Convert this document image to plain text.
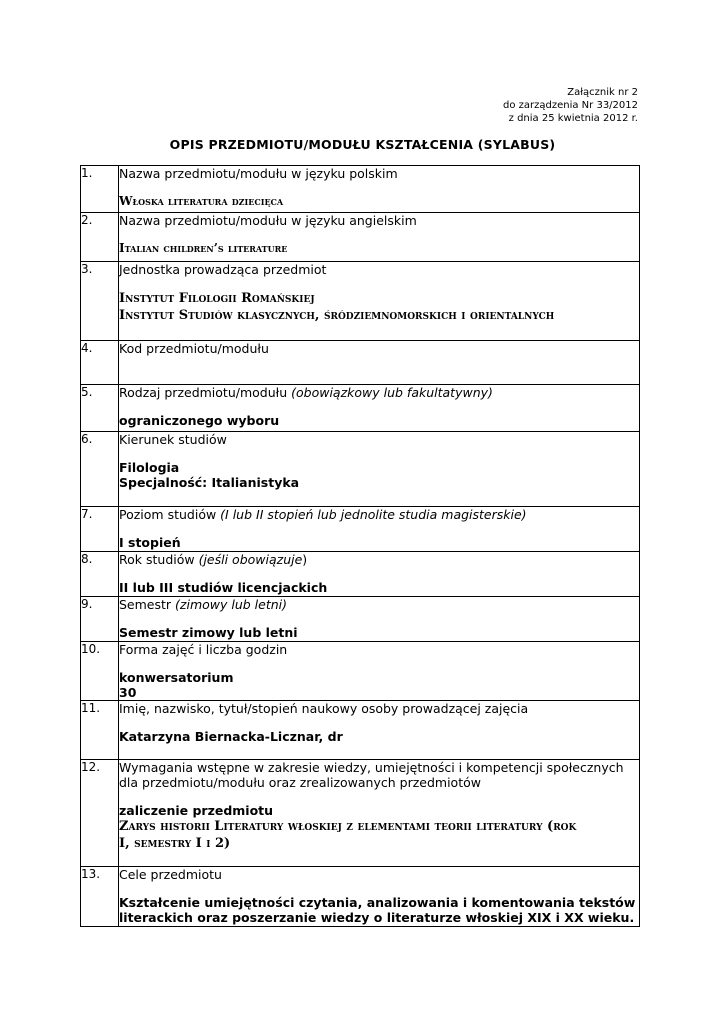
Załącznik nr 2
do zarządzenia Nr 33/2012
z dnia 25 kwietnia 2012 r.
OPIS PRZEDMIOTU/MODUŁU KSZTAŁCENIA (SYLABUS)
1.	Nazwa przedmiotu/modułu w języku polskim
Włoska literatura dziecięca

2.	Nazwa przedmiotu/modułu w języku angielskim
Italian children’s literature

3.	Jednostka prowadząca przedmiot
Instytut Filologii Romańskiej
Instytut Studiów klasycznych, śródziemnomorskich i orientalnych

4.	Kod przedmiotu/modułu

5.	Rodzaj przedmiotu/modułu (obowiązkowy lub fakultatywny)
ograniczonego wyboru

6.	Kierunek studiów
Filologia
Specjalność: Italianistyka

7.	Poziom studiów (I lub II stopień lub jednolite studia magisterskie)
I stopień

8.	Rok studiów (jeśli obowiązuje)
II lub III studiów licencjackich

9.	Semestr (zimowy lub letni)
Semestr zimowy lub letni

10.	Forma zajęć i liczba godzin
konwersatorium
30

11.	Imię, nazwisko, tytuł/stopień naukowy osoby prowadzącej zajęcia
Katarzyna Biernacka-Licznar, dr

12.	Wymagania wstępne w zakresie wiedzy, umiejętności i kompetencji społecznych
dla przedmiotu/modułu oraz zrealizowanych przedmiotów
zaliczenie przedmiotu
Zarys historii Literatury włoskiej z elementami teorii literatury (rok
I, semestry I i 2)

13.	Cele przedmiotu
Kształcenie umiejętności czytania, analizowania i komentowania tekstów
literackich oraz poszerzanie wiedzy o literaturze włoskiej XIX i XX wieku.
